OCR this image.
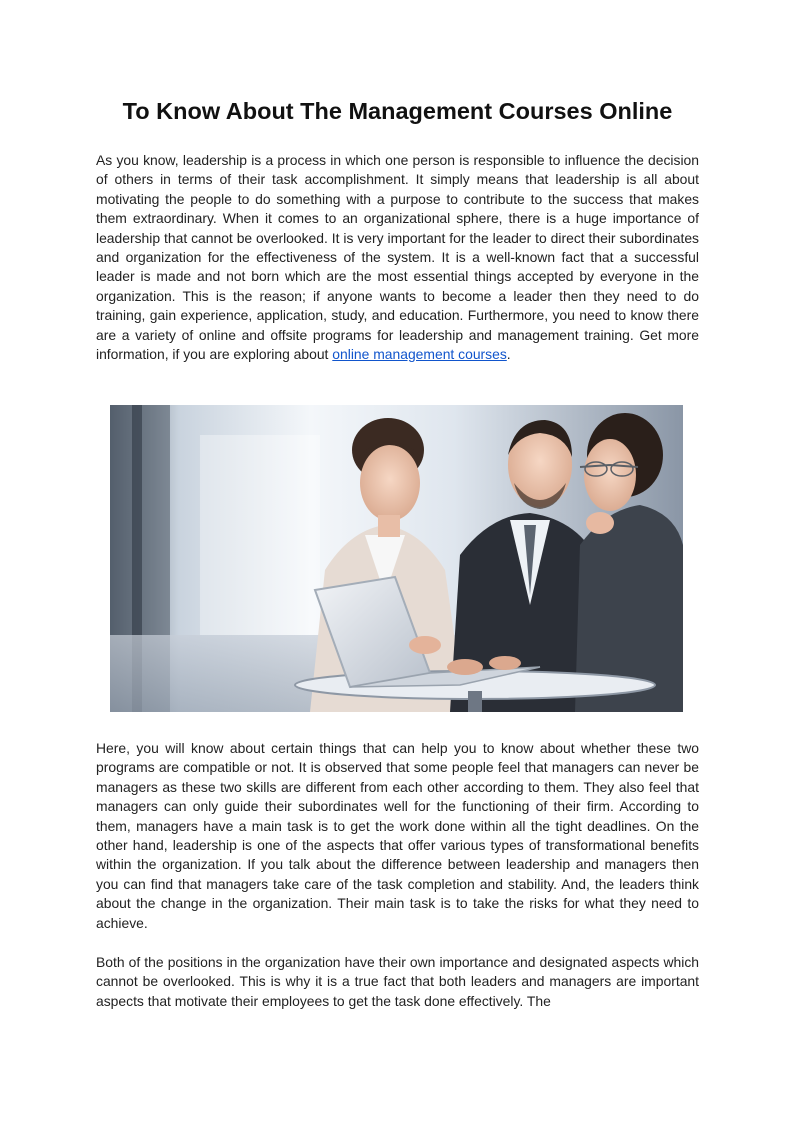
To Know About The Management Courses Online

As you know, leadership is a process in which one person is responsible to influence the decision of others in terms of their task accomplishment. It simply means that leadership is all about motivating the people to do something with a purpose to contribute to the success that makes them extraordinary. When it comes to an organizational sphere, there is a huge importance of leadership that cannot be overlooked. It is very important for the leader to direct their subordinates and organization for the effectiveness of the system. It is a well-known fact that a successful leader is made and not born which are the most essential things accepted by everyone in the organization. This is the reason; if anyone wants to become a leader then they need to do training, gain experience, application, study, and education. Furthermore, you need to know there are a variety of online and offsite programs for leadership and management training. Get more information, if you are exploring about online management courses.

Here, you will know about certain things that can help you to know about whether these two programs are compatible or not. It is observed that some people feel that managers can never be managers as these two skills are different from each other according to them. They also feel that managers can only guide their subordinates well for the functioning of their firm. According to them, managers have a main task is to get the work done within all the tight deadlines. On the other hand, leadership is one of the aspects that offer various types of transformational benefits within the organization. If you talk about the difference between leadership and managers then you can find that managers take care of the task completion and stability. And, the leaders think about the change in the organization. Their main task is to take the risks for what they need to achieve.

Both of the positions in the organization have their own importance and designated aspects which cannot be overlooked. This is why it is a true fact that both leaders and managers are important aspects that motivate their employees to get the task done effectively. The
